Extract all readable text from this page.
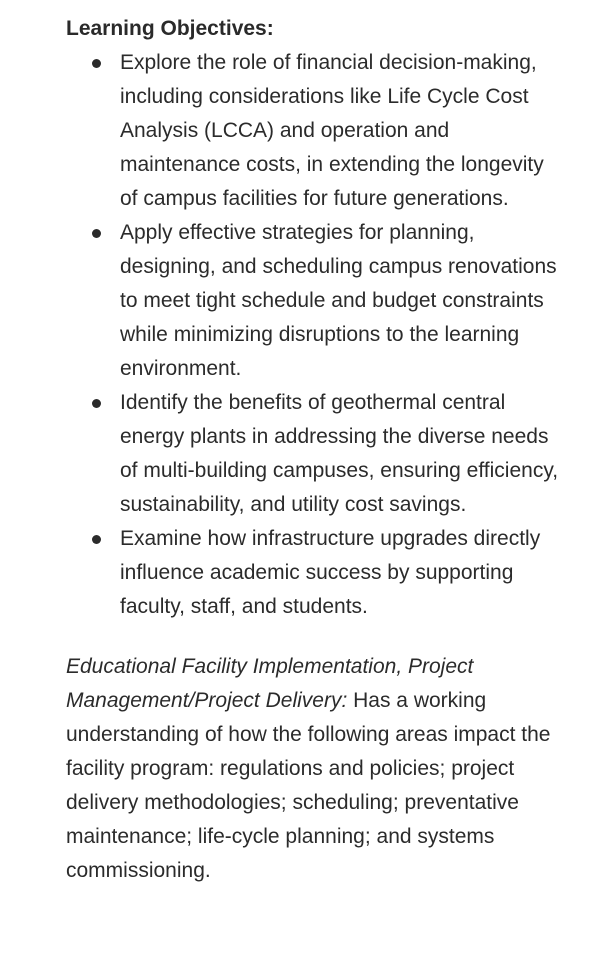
Learning Objectives:
Explore the role of financial decision-making, including considerations like Life Cycle Cost Analysis (LCCA) and operation and maintenance costs, in extending the longevity of campus facilities for future generations.
Apply effective strategies for planning, designing, and scheduling campus renovations to meet tight schedule and budget constraints while minimizing disruptions to the learning environment.
Identify the benefits of geothermal central energy plants in addressing the diverse needs of multi-building campuses, ensuring efficiency, sustainability, and utility cost savings.
Examine how infrastructure upgrades directly influence academic success by supporting faculty, staff, and students.

Educational Facility Implementation, Project Management/Project Delivery: Has a working understanding of how the following areas impact the facility program: regulations and policies; project delivery methodologies; scheduling; preventative maintenance; life-cycle planning; and systems commissioning.
